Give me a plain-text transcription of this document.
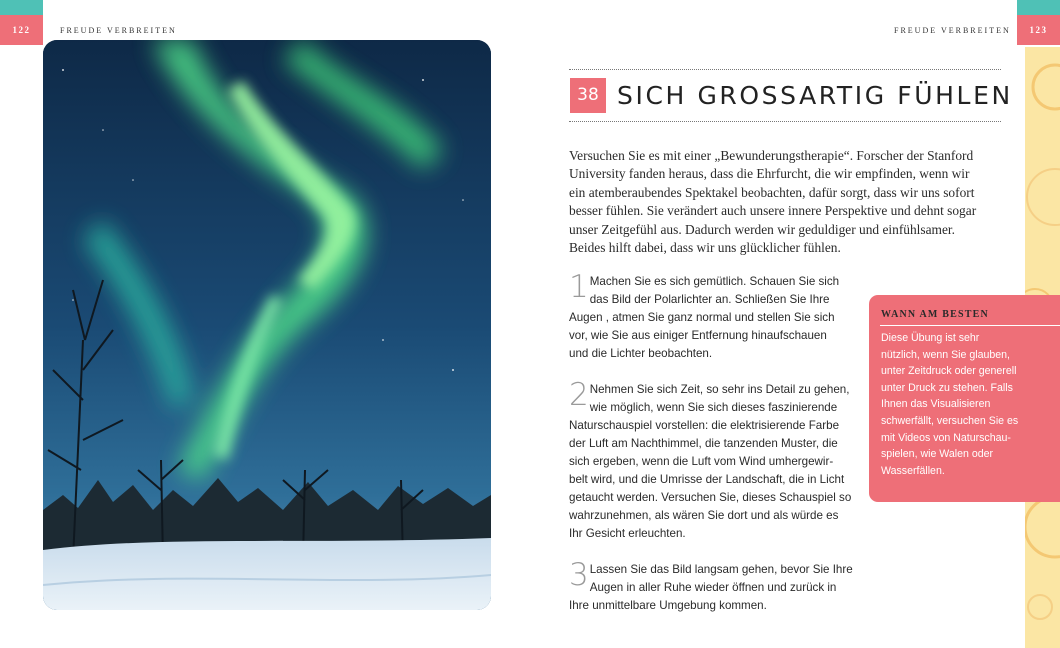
122	FREUDE VERBREITEN	123
FREUDE VERBREITEN
38 SICH GROSSARTIG FÜHLEN
Versuchen Sie es mit einer „Bewunderungstherapie“. Forscher der Stanford
University fanden heraus, dass die Ehrfurcht, die wir empfinden, wenn wir
ein atemberaubendes Spektakel beobachten, dafür sorgt, dass wir uns sofort
besser fühlen. Sie verändert auch unsere innere Perspektive und dehnt sogar
unser Zeitgefühl aus. Dadurch werden wir geduldiger und einfühlsamer.
Beides hilft dabei, dass wir uns glücklicher fühlen.
1 Machen Sie es sich gemütlich. Schauen Sie sich
das Bild der Polarlichter an. Schließen Sie Ihre
Augen , atmen Sie ganz normal und stellen Sie sich
vor, wie Sie aus einiger Entfernung hinaufschauen
und die Lichter beobachten.
2 Nehmen Sie sich Zeit, so sehr ins Detail zu gehen,
wie möglich, wenn Sie sich dieses faszinierende
Naturschauspiel vorstellen: die elektrisierende Farbe
der Luft am Nachthimmel, die tanzenden Muster, die
sich ergeben, wenn die Luft vom Wind umhergewir-
belt wird, und die Umrisse der Landschaft, die in Licht
getaucht werden. Versuchen Sie, dieses Schauspiel so
wahrzunehmen, als wären Sie dort und als würde es
Ihr Gesicht erleuchten.
3 Lassen Sie das Bild langsam gehen, bevor Sie Ihre
Augen in aller Ruhe wieder öffnen und zurück in
Ihre unmittelbare Umgebung kommen.
WANN AM BESTEN
Diese Übung ist sehr
nützlich, wenn Sie glauben,
unter Zeitdruck oder generell
unter Druck zu stehen. Falls
Ihnen das Visualisieren
schwerfällt, versuchen Sie es
mit Videos von Naturschau-
spielen, wie Walen oder
Wasserfällen.
